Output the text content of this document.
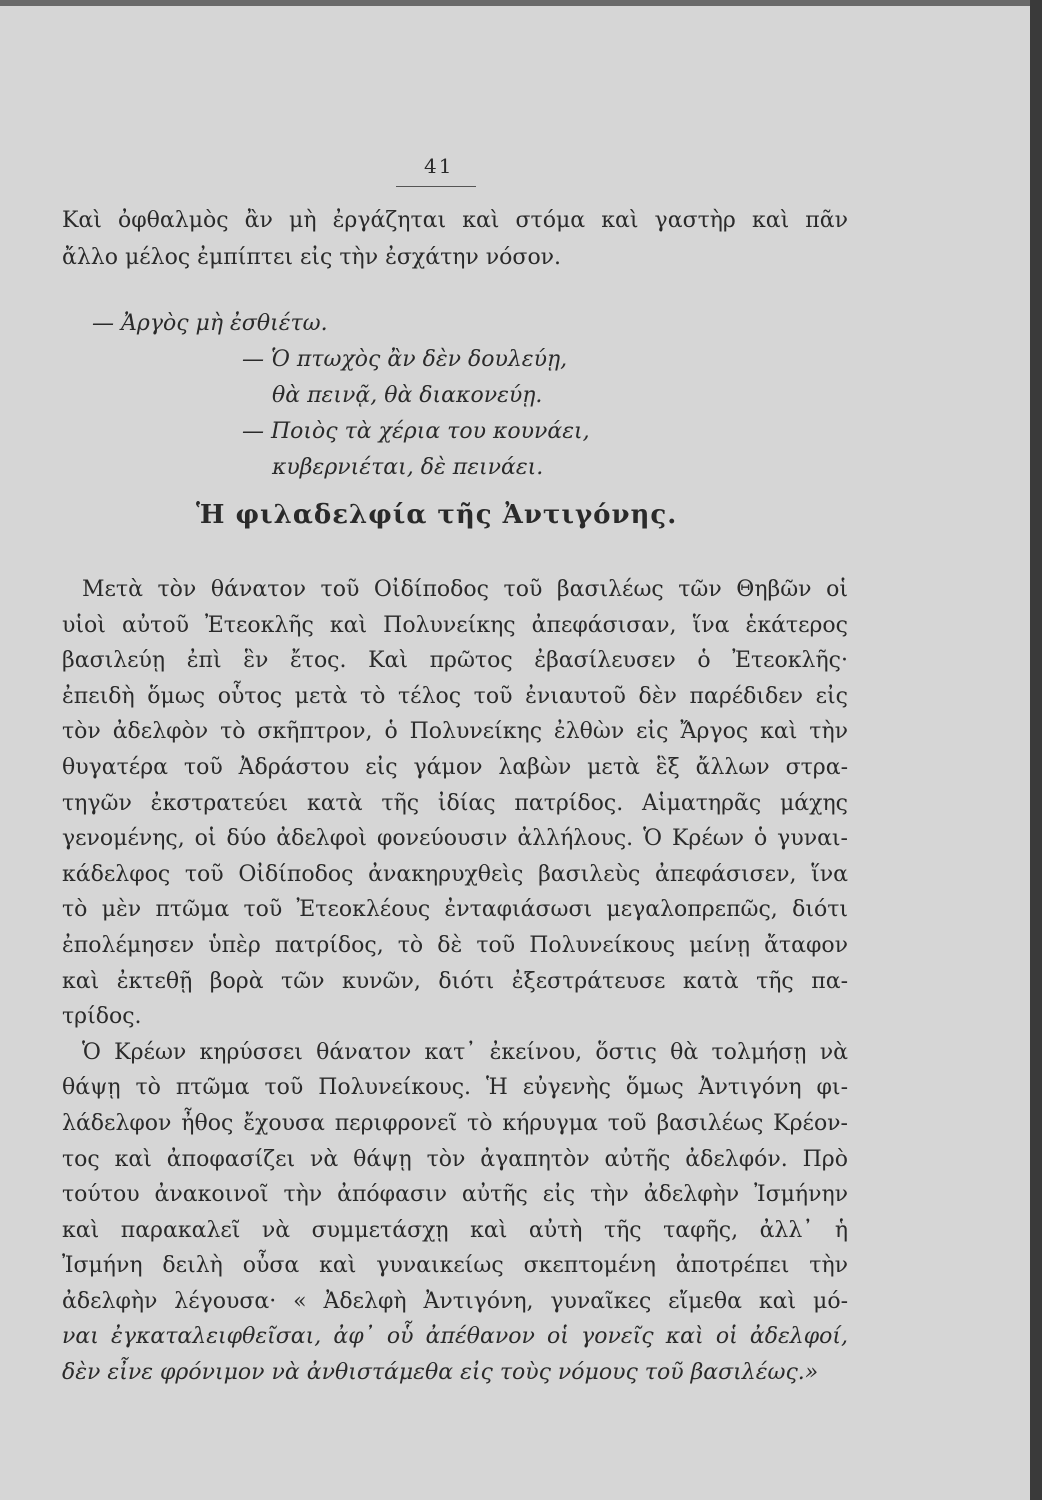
41
Καὶ ὀφθαλμὸς ἂν μὴ ἐργάζηται καὶ στόμα καὶ γαστὴρ καὶ πᾶν
ἄλλο μέλος ἐμπίπτει εἰς τὴν ἐσχάτην νόσον.
— Ἀργὸς μὴ ἐσθιέτω.
— Ὁ πτωχὸς ἂν δὲν δουλεύῃ,
θὰ πεινᾷ, θὰ διακονεύῃ.
— Ποιὸς τὰ χέρια του κουνάει,
κυβερνιέται, δὲ πεινάει.
Ἡ φιλαδελφία τῆς Ἀντιγόνης.
Μετὰ τὸν θάνατον τοῦ Οἰδίποδος τοῦ βασιλέως τῶν Θηβῶν οἱ
υἱοὶ αὐτοῦ Ἐτεοκλῆς καὶ Πολυνείκης ἀπεφάσισαν, ἵνα ἑκάτερος
βασιλεύῃ ἐπὶ ἓν ἔτος. Καὶ πρῶτος ἐβασίλευσεν ὁ Ἐτεοκλῆς·
ἐπειδὴ ὅμως οὗτος μετὰ τὸ τέλος τοῦ ἐνιαυτοῦ δὲν παρέδιδεν εἰς
τὸν ἀδελφὸν τὸ σκῆπτρον, ὁ Πολυνείκης ἐλθὼν εἰς Ἄργος καὶ τὴν
θυγατέρα τοῦ Ἀδράστου εἰς γάμον λαβὼν μετὰ ἓξ ἄλλων στρα-
τηγῶν ἐκστρατεύει κατὰ τῆς ἰδίας πατρίδος. Αἱματηρᾶς μάχης
γενομένης, οἱ δύο ἀδελφοὶ φονεύουσιν ἀλλήλους. Ὁ Κρέων ὁ γυναι-
κάδελφος τοῦ Οἰδίποδος ἀνακηρυχθεὶς βασιλεὺς ἀπεφάσισεν, ἵνα
τὸ μὲν πτῶμα τοῦ Ἐτεοκλέους ἐνταφιάσωσι μεγαλοπρεπῶς, διότι
ἐπολέμησεν ὑπὲρ πατρίδος, τὸ δὲ τοῦ Πολυνείκους μείνῃ ἄταφον
καὶ ἐκτεθῇ βορὰ τῶν κυνῶν, διότι ἐξεστράτευσε κατὰ τῆς πα-
τρίδος.
Ὁ Κρέων κηρύσσει θάνατον κατ᾿ ἐκείνου, ὅστις θὰ τολμήσῃ νὰ
θάψῃ τὸ πτῶμα τοῦ Πολυνείκους. Ἡ εὐγενὴς ὅμως Ἀντιγόνη φι-
λάδελφον ἦθος ἔχουσα περιφρονεῖ τὸ κήρυγμα τοῦ βασιλέως Κρέον-
τος καὶ ἀποφασίζει νὰ θάψῃ τὸν ἀγαπητὸν αὐτῆς ἀδελφόν. Πρὸ
τούτου ἀνακοινοῖ τὴν ἀπόφασιν αὐτῆς εἰς τὴν ἀδελφὴν Ἰσμήνην
καὶ παρακαλεῖ νὰ συμμετάσχῃ καὶ αὐτὴ τῆς ταφῆς, ἀλλ᾿ ἡ
Ἰσμήνη δειλὴ οὖσα καὶ γυναικείως σκεπτομένη ἀποτρέπει τὴν
ἀδελφὴν λέγουσα· « Ἀδελφὴ Ἀντιγόνη, γυναῖκες εἴμεθα καὶ μό-
ναι ἐγκαταλειφθεῖσαι, ἀφ᾿ οὗ ἀπέθανον οἱ γονεῖς καὶ οἱ ἀδελφοί,
δὲν εἶνε φρόνιμον νὰ ἀνθιστάμεθα εἰς τοὺς νόμους τοῦ βασιλέως.»
